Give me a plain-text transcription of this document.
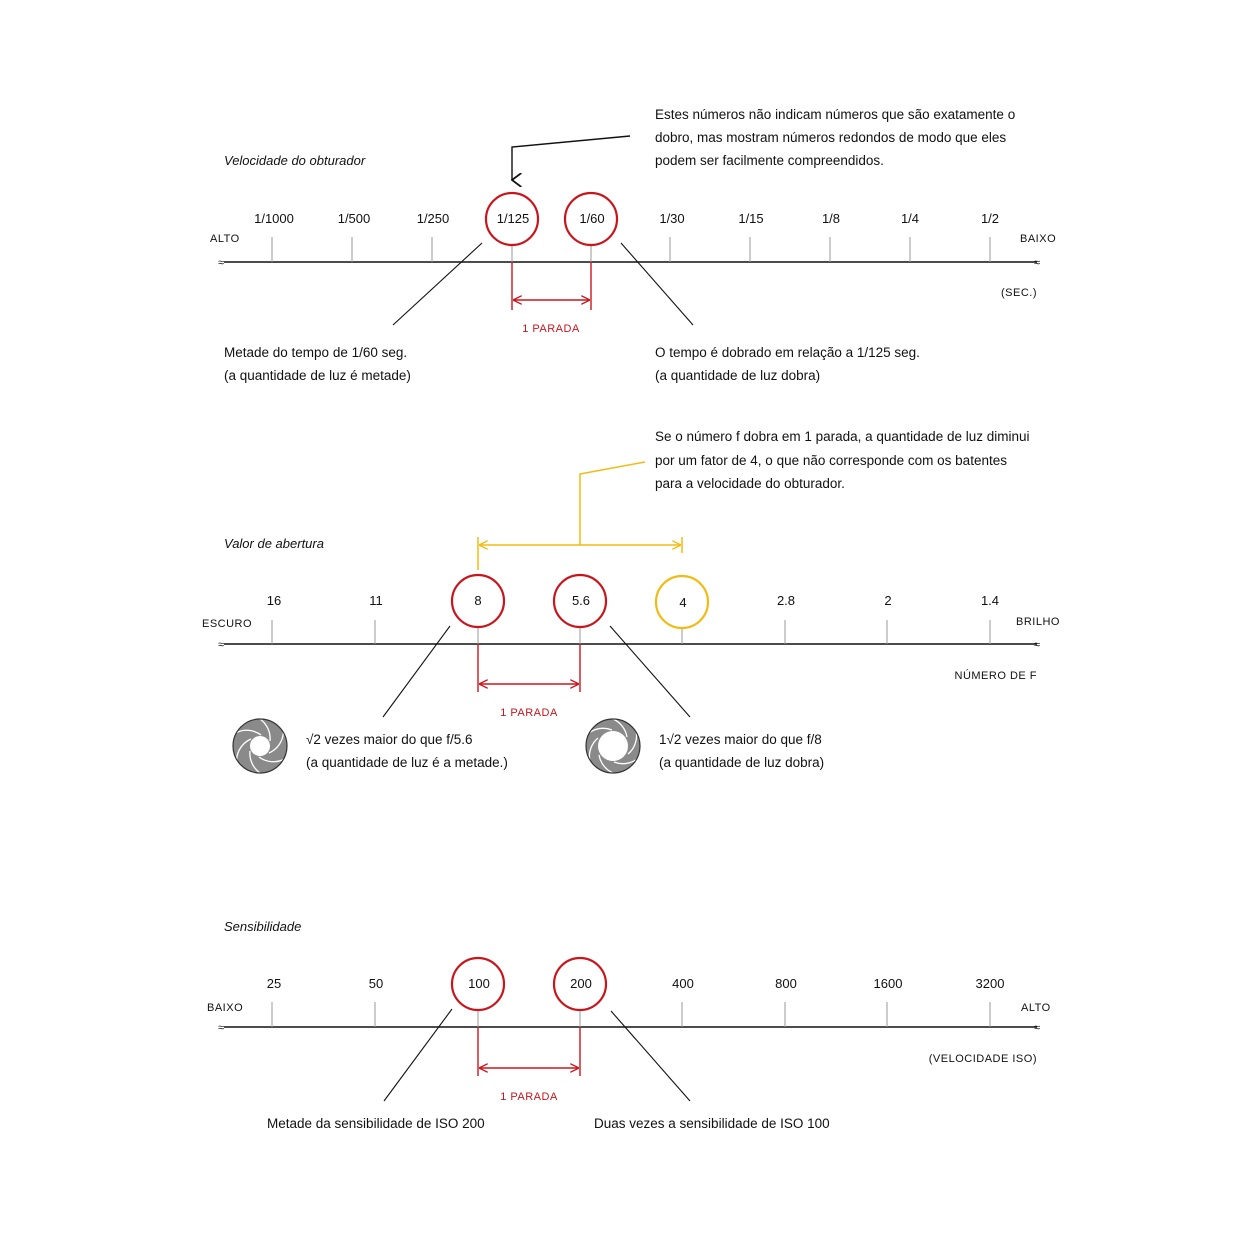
Velocidade do obturador
Estes números não indicam números que são exatamente o
dobro, mas mostram números redondos de modo que eles
podem ser facilmente compreendidos.
ALTO	BAIXO
≈	≈
1/1000	1/500	1/250	1/125	1/60	1/30	1/15	1/8	1/4	1/2
1 PARADA
(SEC.)
Metade do tempo de 1/60 seg.
(a quantidade de luz é metade)
O tempo é dobrado em relação a 1/125 seg.
(a quantidade de luz dobra)
Se o número f dobra em 1 parada, a quantidade de luz diminui
por um fator de 4, o que não corresponde com os batentes
para a velocidade do obturador.
Valor de abertura
ESCURO	BRILHO
≈	≈
16	11	8	5.6	4	2.8	2	1.4
1 PARADA
NÚMERO DE F
√2 vezes maior do que f/5.6
(a quantidade de luz é a metade.)
1√2 vezes maior do que f/8
(a quantidade de luz dobra)
Sensibilidade
BAIXO	ALTO
≈	≈
25	50	100	200	400	800	1600	3200
1 PARADA
(VELOCIDADE ISO)
Metade da sensibilidade de ISO 200	Duas vezes a sensibilidade de ISO 100
